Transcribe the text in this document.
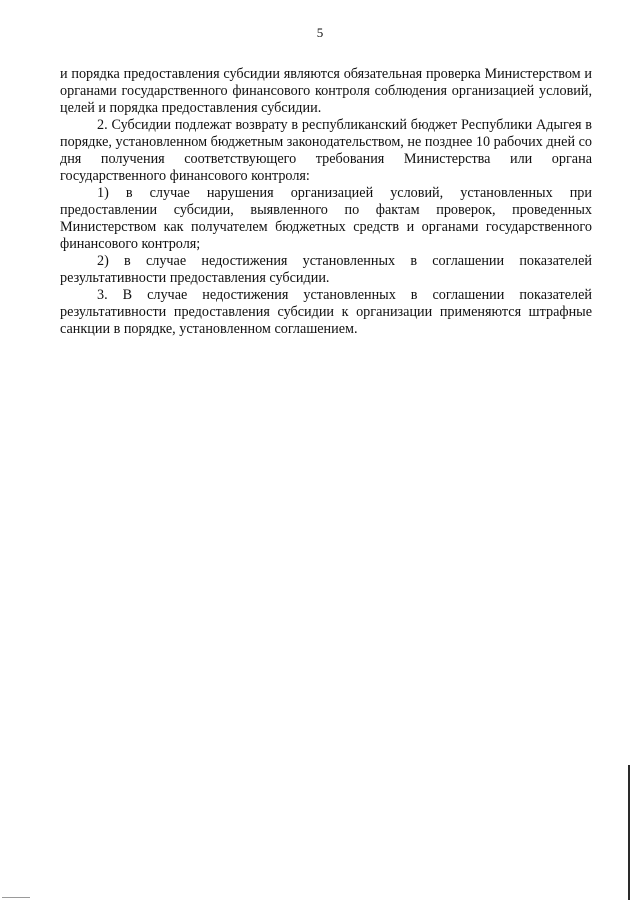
5

и порядка предоставления субсидии являются обязательная проверка Министерством и органами государственного финансового контроля соблюдения организацией условий, целей и порядка предоставления субсидии.

2. Субсидии подлежат возврату в республиканский бюджет Республики Адыгея в порядке, установленном бюджетным законодательством, не позднее 10 рабочих дней со дня получения соответствующего требования Министерства или органа государственного финансового контроля:

1) в случае нарушения организацией условий, установленных при предоставлении субсидии, выявленного по фактам проверок, проведенных Министерством как получателем бюджетных средств и органами государственного финансового контроля;

2) в случае недостижения установленных в соглашении показателей результативности предоставления субсидии.

3. В случае недостижения установленных в соглашении показателей результативности предоставления субсидии к организации применяются штрафные санкции в порядке, установленном соглашением.
